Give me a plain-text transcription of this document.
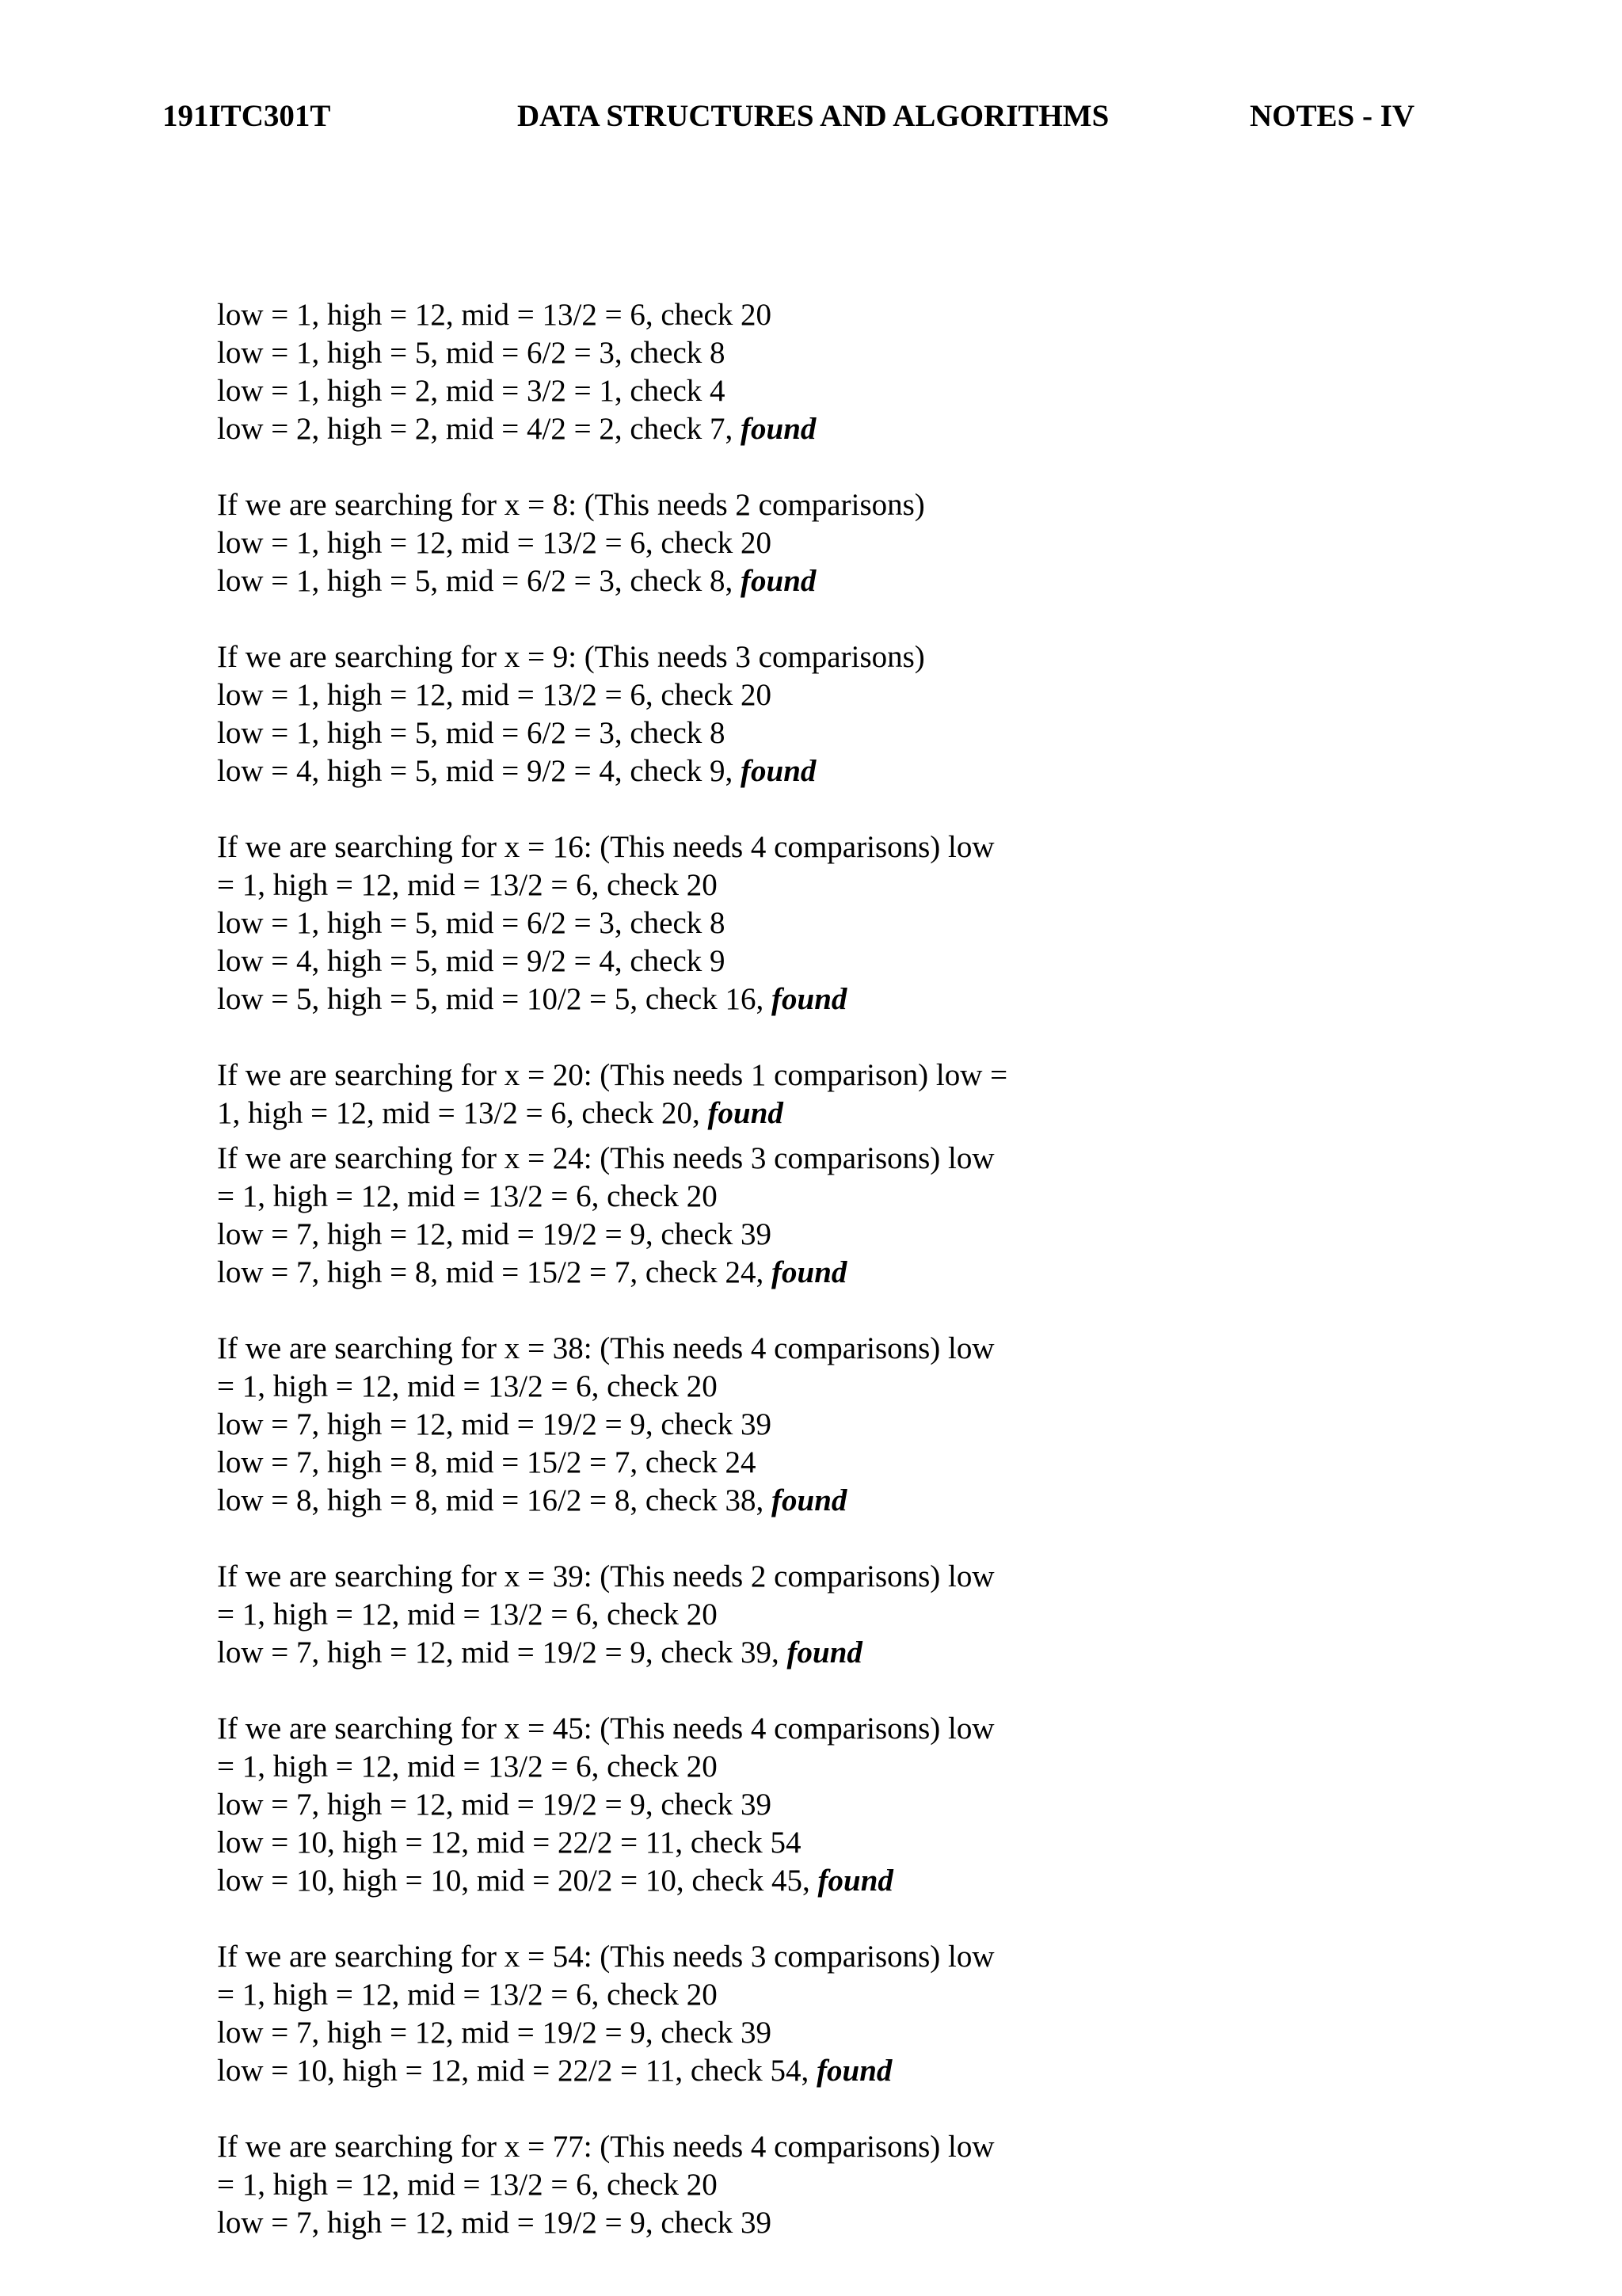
191ITC301T	DATA STRUCTURES AND ALGORITHMS	NOTES - IV
low = 1, high = 12, mid = 13/2 = 6, check 20
low = 1, high = 5, mid = 6/2 = 3, check 8
low = 1, high = 2, mid = 3/2 = 1, check 4
low = 2, high = 2, mid = 4/2 = 2, check 7, found
If we are searching for x = 8: (This needs 2 comparisons)
low = 1, high = 12, mid = 13/2 = 6, check 20
low = 1, high = 5, mid = 6/2 = 3, check 8, found
If we are searching for x = 9: (This needs 3 comparisons)
low = 1, high = 12, mid = 13/2 = 6, check 20
low = 1, high = 5, mid = 6/2 = 3, check 8
low = 4, high = 5, mid = 9/2 = 4, check 9, found
If we are searching for x = 16: (This needs 4 comparisons) low
= 1, high = 12, mid = 13/2 = 6, check 20
low = 1, high = 5, mid = 6/2 = 3, check 8
low = 4, high = 5, mid = 9/2 = 4, check 9
low = 5, high = 5, mid = 10/2 = 5, check 16, found
If we are searching for x = 20: (This needs 1 comparison) low =
1, high = 12, mid = 13/2 = 6, check 20, found
If we are searching for x = 24: (This needs 3 comparisons) low
= 1, high = 12, mid = 13/2 = 6, check 20
low = 7, high = 12, mid = 19/2 = 9, check 39
low = 7, high = 8, mid = 15/2 = 7, check 24, found
If we are searching for x = 38: (This needs 4 comparisons) low
= 1, high = 12, mid = 13/2 = 6, check 20
low = 7, high = 12, mid = 19/2 = 9, check 39
low = 7, high = 8, mid = 15/2 = 7, check 24
low = 8, high = 8, mid = 16/2 = 8, check 38, found
If we are searching for x = 39: (This needs 2 comparisons) low
= 1, high = 12, mid = 13/2 = 6, check 20
low = 7, high = 12, mid = 19/2 = 9, check 39, found
If we are searching for x = 45: (This needs 4 comparisons) low
= 1, high = 12, mid = 13/2 = 6, check 20
low = 7, high = 12, mid = 19/2 = 9, check 39
low = 10, high = 12, mid = 22/2 = 11, check 54
low = 10, high = 10, mid = 20/2 = 10, check 45, found
If we are searching for x = 54: (This needs 3 comparisons) low
= 1, high = 12, mid = 13/2 = 6, check 20
low = 7, high = 12, mid = 19/2 = 9, check 39
low = 10, high = 12, mid = 22/2 = 11, check 54, found
If we are searching for x = 77: (This needs 4 comparisons) low
= 1, high = 12, mid = 13/2 = 6, check 20
low = 7, high = 12, mid = 19/2 = 9, check 39
